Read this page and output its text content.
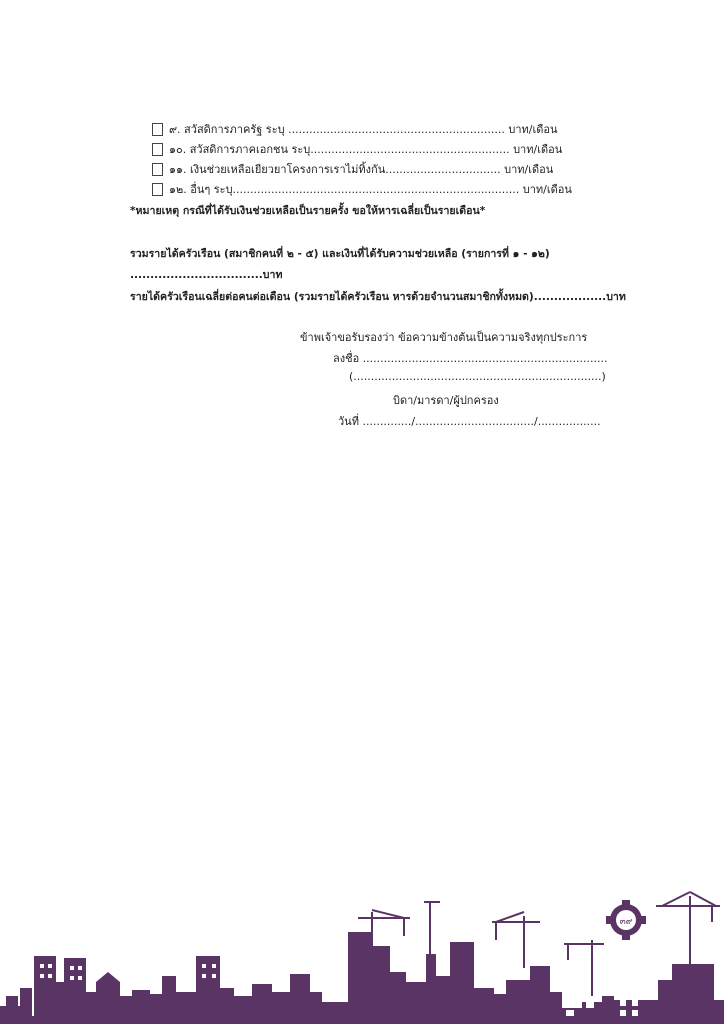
๙. สวัสดิการภาครัฐ ระบุ .............................................................. บาท/เดือน
๑๐. สวัสดิการภาคเอกชน ระบุ......................................................... บาท/เดือน
๑๑. เงินช่วยเหลือเยียวยาโครงการเราไม่ทิ้งกัน................................. บาท/เดือน
๑๒. อื่นๆ ระบุ.................................................................................. บาท/เดือน
*หมายเหตุ กรณีที่ได้รับเงินช่วยเหลือเป็นรายครั้ง ขอให้หารเฉลี่ยเป็นรายเดือน*
รวมรายได้ครัวเรือน (สมาชิกคนที่ ๒ - ๕) และเงินที่ได้รับความช่วยเหลือ (รายการที่ ๑ - ๑๒)
.................................บาท
รายได้ครัวเรือนเฉลี่ยต่อคนต่อเดือน (รวมรายได้ครัวเรือน หารด้วยจำนวนสมาชิกทั้งหมด)..................บาท
ข้าพเจ้าขอรับรองว่า ข้อความข้างต้นเป็นความจริงทุกประการ
ลงชื่อ ......................................................................
(.......................................................................)
บิดา/มารดา/ผู้ปกครอง
วันที่ ............../................................../..................
๓๙
